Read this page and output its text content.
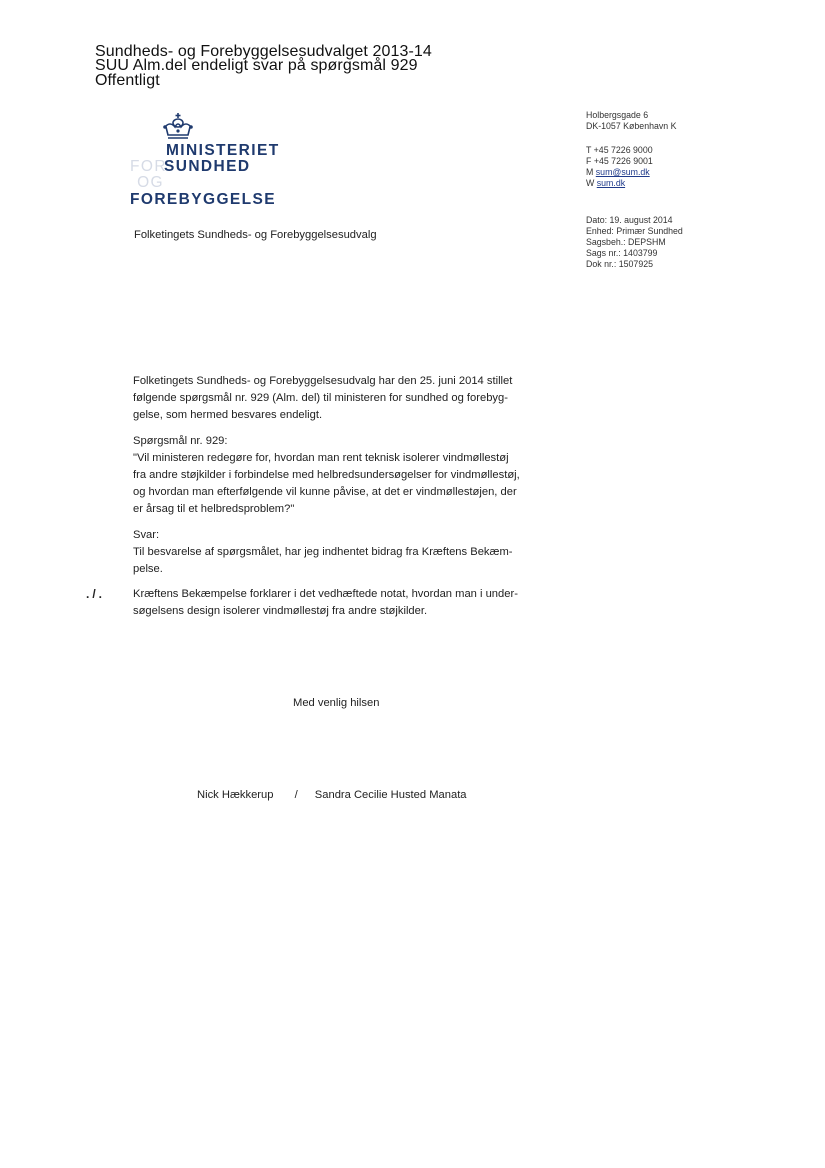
Sundheds- og Forebyggelsesudvalget 2013-14
SUU Alm.del endeligt svar på spørgsmål 929
Offentligt
MINISTERIET
FORSUNDHED
OGFOREBYGGELSE
Holbergsgade 6
DK-1057 København K
T +45 7226 9000
F +45 7226 9001
M sum@sum.dk
W sum.dk
Dato: 19. august 2014
Enhed: Primær Sundhed
Sagsbeh.: DEPSHM
Sags nr.: 1403799
Dok nr.: 1507925
Folketingets Sundheds- og Forebyggelsesudvalg
Folketingets Sundheds- og Forebyggelsesudvalg har den 25. juni 2014 stillet
følgende spørgsmål nr. 929 (Alm. del) til ministeren for sundhed og forebyg-
gelse, som hermed besvares endeligt.
Spørgsmål nr. 929:
"Vil ministeren redegøre for, hvordan man rent teknisk isolerer vindmøllestøj
fra andre støjkilder i forbindelse med helbredsundersøgelser for vindmøllestøj,
og hvordan man efterfølgende vil kunne påvise, at det er vindmøllestøjen, der
er årsag til et helbredsproblem?"
Svar:
Til besvarelse af spørgsmålet, har jeg indhentet bidrag fra Kræftens Bekæm-
pelse.
./. Kræftens Bekæmpelse forklarer i det vedhæftede notat, hvordan man i under-
søgelsens design isolerer vindmøllestøj fra andre støjkilder.
Med venlig hilsen
Nick Hækkerup / Sandra Cecilie Husted Manata
